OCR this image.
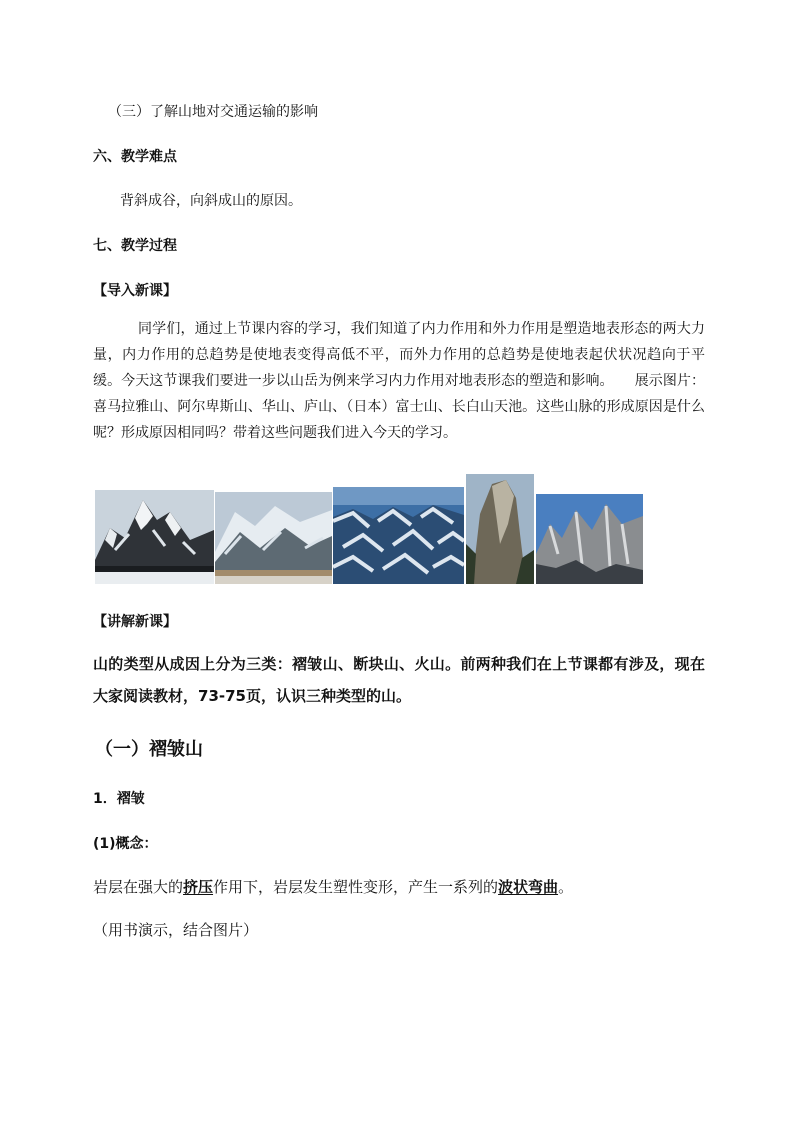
（三）了解山地对交通运输的影响
六、教学难点
背斜成谷，向斜成山的原因。
七、教学过程
【导入新课】
同学们，通过上节课内容的学习，我们知道了内力作用和外力作用是塑造地表形态的两大力量，内力作用的总趋势是使地表变得高低不平，而外力作用的总趋势是使地表起伏状况趋向于平缓。今天这节课我们要进一步以山岳为例来学习内力作用对地表形态的塑造和影响。　　展示图片：喜马拉雅山、阿尔卑斯山、华山、庐山、（日本）富士山、长白山天池。这些山脉的形成原因是什么呢？形成原因相同吗？带着这些问题我们进入今天的学习。
【讲解新课】
山的类型从成因上分为三类：褶皱山、断块山、火山。前两种我们在上节课都有涉及，现在大家阅读教材，73-75页，认识三种类型的山。
（一）褶皱山
1．褶皱
(1)概念：
岩层在强大的挤压作用下，岩层发生塑性变形，产生一系列的波状弯曲。
（用书演示，结合图片）
